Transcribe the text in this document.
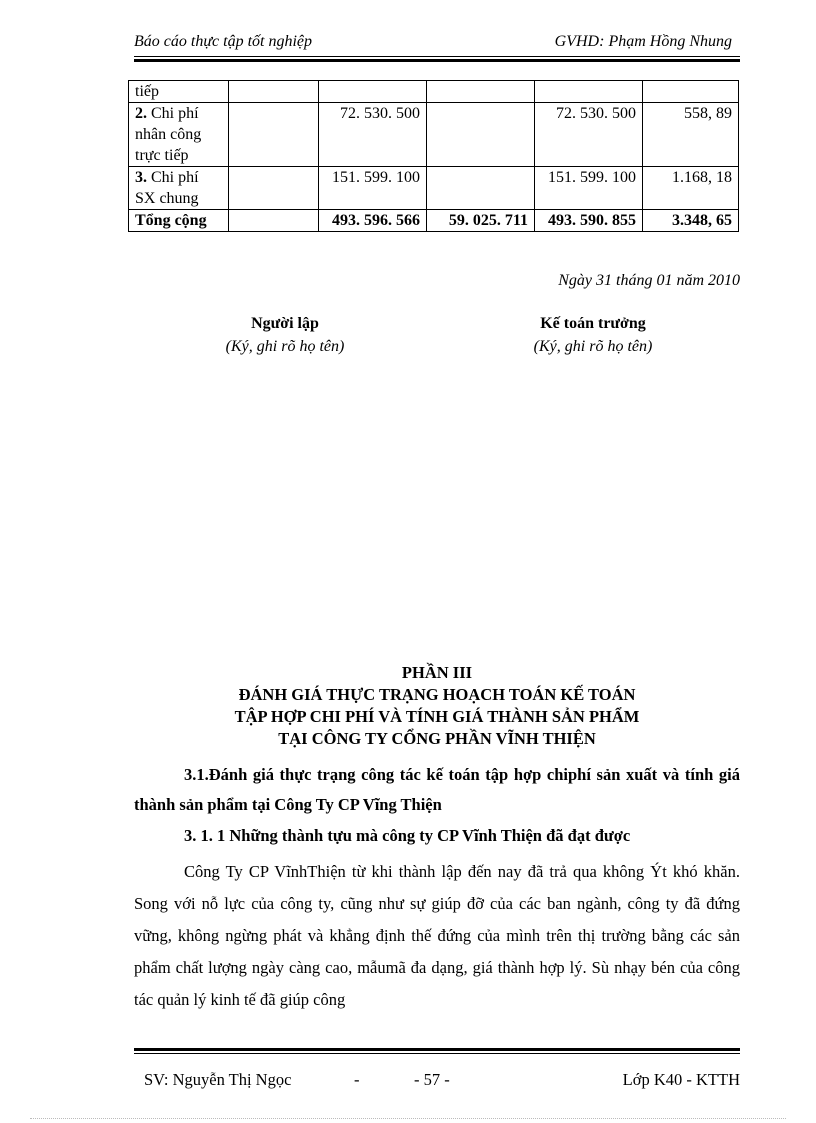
Báo cáo thực tập tốt nghiệp	GVHD: Phạm Hồng Nhung
tiếp					
2. Chi phí nhân công trực tiếp		72. 530. 500		72. 530. 500	558, 89
3. Chi phí SX chung		151. 599. 100		151. 599. 100	1.168, 18
Tổng cộng		493. 596. 566	59. 025. 711	493. 590. 855	3.348, 65
Ngày 31 tháng 01 năm 2010
Người lập
(Ký, ghi rõ họ tên)
Kế toán trưởng
(Ký, ghi rõ họ tên)
PHẦN III
ĐÁNH GIÁ THỰC TRẠNG HOẠCH TOÁN KẾ TOÁN
TẬP HỢP CHI PHÍ VÀ TÍNH GIÁ THÀNH SẢN PHẨM
TẠI CÔNG TY CỔNG PHẦN VĨNH THIỆN
3.1.Đánh giá thực trạng công tác kế toán tập hợp chiphí sản xuất và tính giá thành sản phẩm tại Công Ty CP Vĩng Thiện
3. 1. 1 Những thành tựu mà công ty CP Vĩnh Thiện đã đạt được
Công Ty CP VĩnhThiện từ khi thành lập đến nay đã trả qua không Ýt khó khăn. Song với nỗ lực của công ty, cũng như sự giúp đỡ của các ban ngành, công ty đã đứng vững, không ngừng phát và khẳng định thế đứng của mình trên thị trường bằng các sản phẩm chất lượng ngày càng cao, mẫumã đa dạng, giá thành hợp lý. Sù nhạy bén của công tác quản lý kinh tế đã giúp công
SV: Nguyễn Thị Ngọc	-	- 57 -	Lớp K40 - KTTH
